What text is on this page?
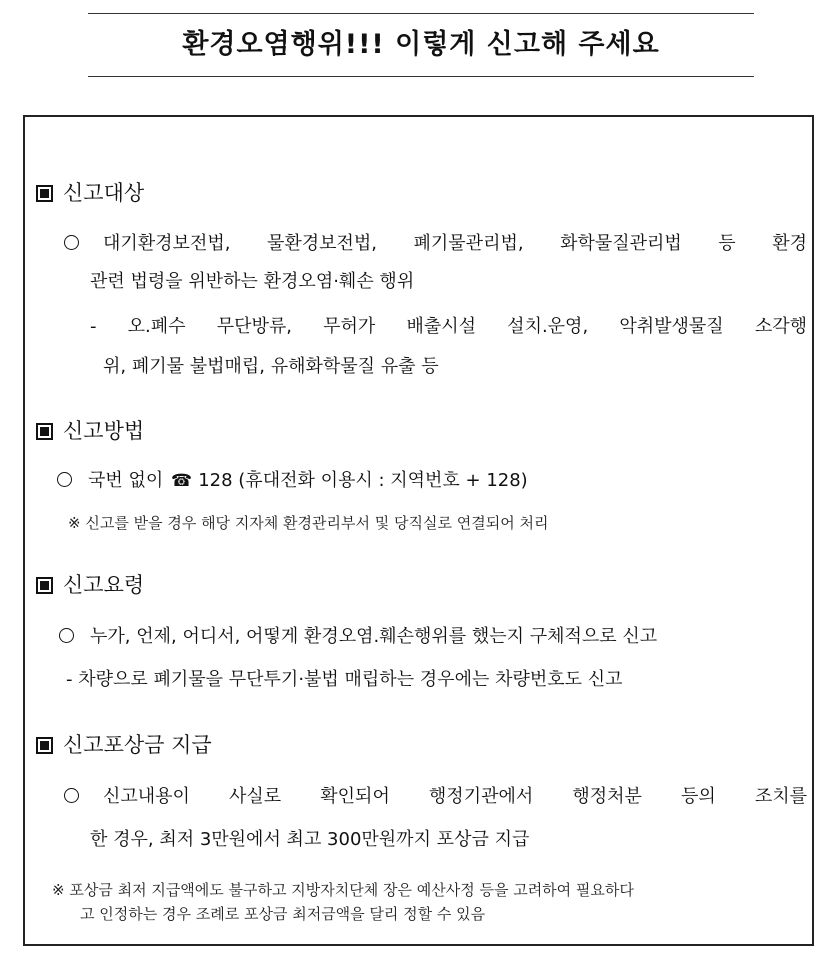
환경오염행위!!! 이렇게 신고해 주세요
신고대상
대기환경보전법, 물환경보전법, 폐기물관리법, 화학물질관리법 등 환경
관련 법령을 위반하는 환경오염·훼손 행위
- 오.폐수 무단방류, 무허가 배출시설 설치.운영, 악취발생물질 소각행
위, 폐기물 불법매립, 유해화학물질 유출 등
신고방법
국번 없이 ☎ 128 (휴대전화 이용시 : 지역번호 + 128)
※ 신고를 받을 경우 해당 지자체 환경관리부서 및 당직실로 연결되어 처리
신고요령
누가, 언제, 어디서, 어떻게 환경오염.훼손행위를 했는지 구체적으로 신고
- 차량으로 폐기물을 무단투기·불법 매립하는 경우에는 차량번호도 신고
신고포상금 지급
신고내용이 사실로 확인되어 행정기관에서 행정처분 등의 조치를
한 경우, 최저 3만원에서 최고 300만원까지 포상금 지급
※ 포상금 최저 지급액에도 불구하고 지방자치단체 장은 예산사정 등을 고려하여 필요하다
고 인정하는 경우 조례로 포상금 최저금액을 달리 정할 수 있음
